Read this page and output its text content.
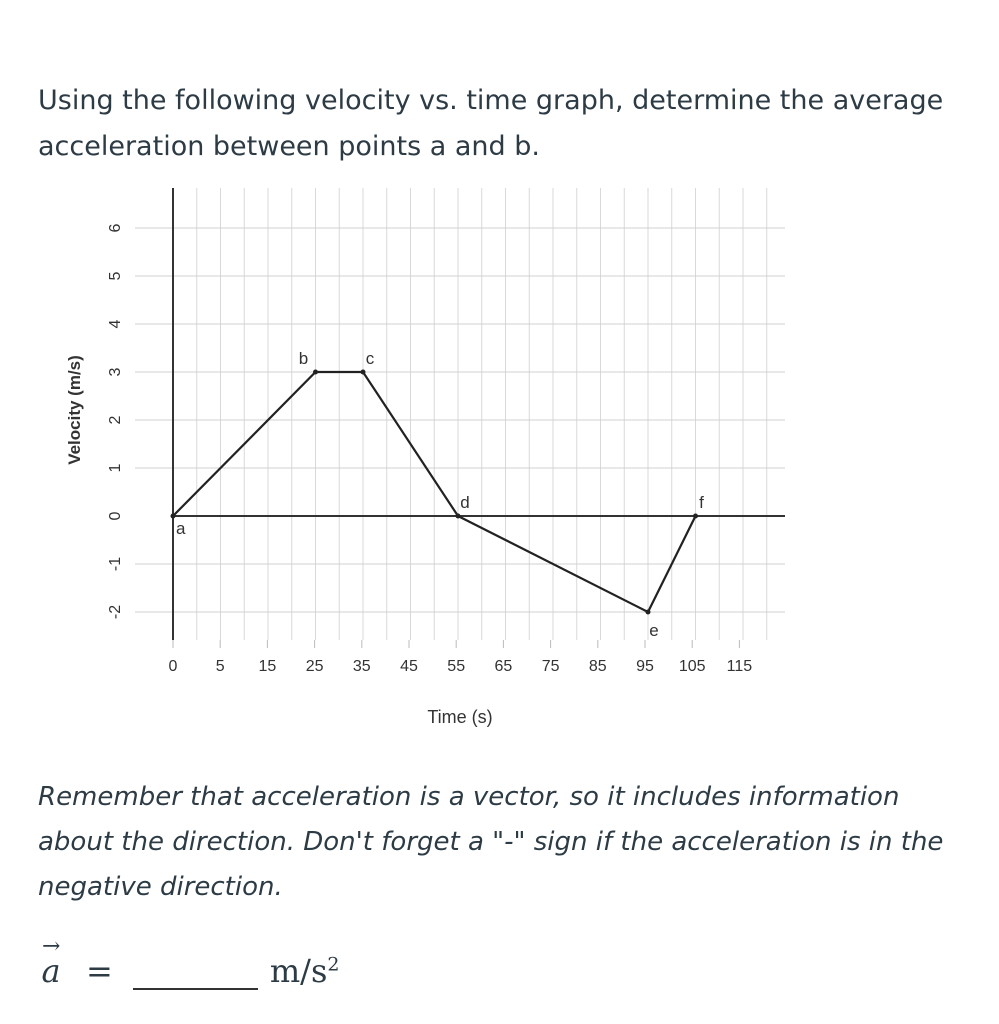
Using the following velocity vs. time graph, determine the average acceleration between points a and b.

6
5
4
3
2
1
0
-1
-2
0 5 15 25 35 45 55 65 75 85 95 105 115
Time (s)
Velocity (m/s)
a
b	c
d
e
f

Remember that acceleration is a vector, so it includes information about the direction. Don't forget a "-" sign if the acceleration is in the negative direction.

→
a =	$m/s^2$
